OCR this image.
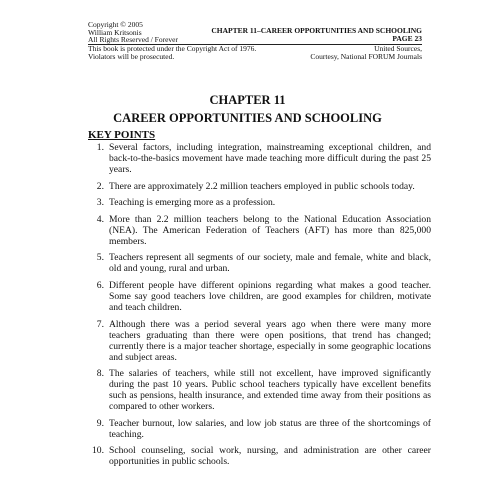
Copyright © 2005
William Kritsonis
All Rights Reserved / Forever
CHAPTER 11–CAREER OPPORTUNITIES AND SCHOOLING
PAGE 23
This book is protected under the Copyright Act of 1976.
Violators will be prosecuted.
United Sources,
Courtesy, National FORUM Journals
CHAPTER 11
CAREER OPPORTUNITIES AND SCHOOLING
KEY POINTS
1. Several factors, including integration, mainstreaming exceptional children, and back-to-the-basics movement have made teaching more difficult during the past 25 years.
2. There are approximately 2.2 million teachers employed in public schools today.
3. Teaching is emerging more as a profession.
4. More than 2.2 million teachers belong to the National Education Association (NEA). The American Federation of Teachers (AFT) has more than 825,000 members.
5. Teachers represent all segments of our society, male and female, white and black, old and young, rural and urban.
6. Different people have different opinions regarding what makes a good teacher. Some say good teachers love children, are good examples for children, motivate and teach children.
7. Although there was a period several years ago when there were many more teachers graduating than there were open positions, that trend has changed; currently there is a major teacher shortage, especially in some geographic locations and subject areas.
8. The salaries of teachers, while still not excellent, have improved significantly during the past 10 years. Public school teachers typically have excellent benefits such as pensions, health insurance, and extended time away from their positions as compared to other workers.
9. Teacher burnout, low salaries, and low job status are three of the shortcomings of teaching.
10. School counseling, social work, nursing, and administration are other career opportunities in public schools.
